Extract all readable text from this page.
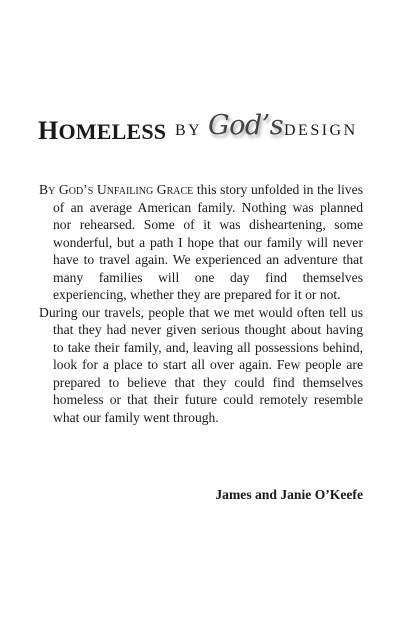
HOMELESS BY God’s DESIGN

By God’s Unfailing Grace this story unfolded in the lives of an average American family. Nothing was planned nor rehearsed. Some of it was disheartening, some wonderful, but a path I hope that our family will never have to travel again. We experienced an adventure that many families will one day find themselves experiencing, whether they are prepared for it or not.

During our travels, people that we met would often tell us that they had never given serious thought about having to take their family, and, leaving all possessions behind, look for a place to start all over again. Few people are prepared to believe that they could find themselves homeless or that their future could remotely resemble what our family went through.

James and Janie O’Keefe
